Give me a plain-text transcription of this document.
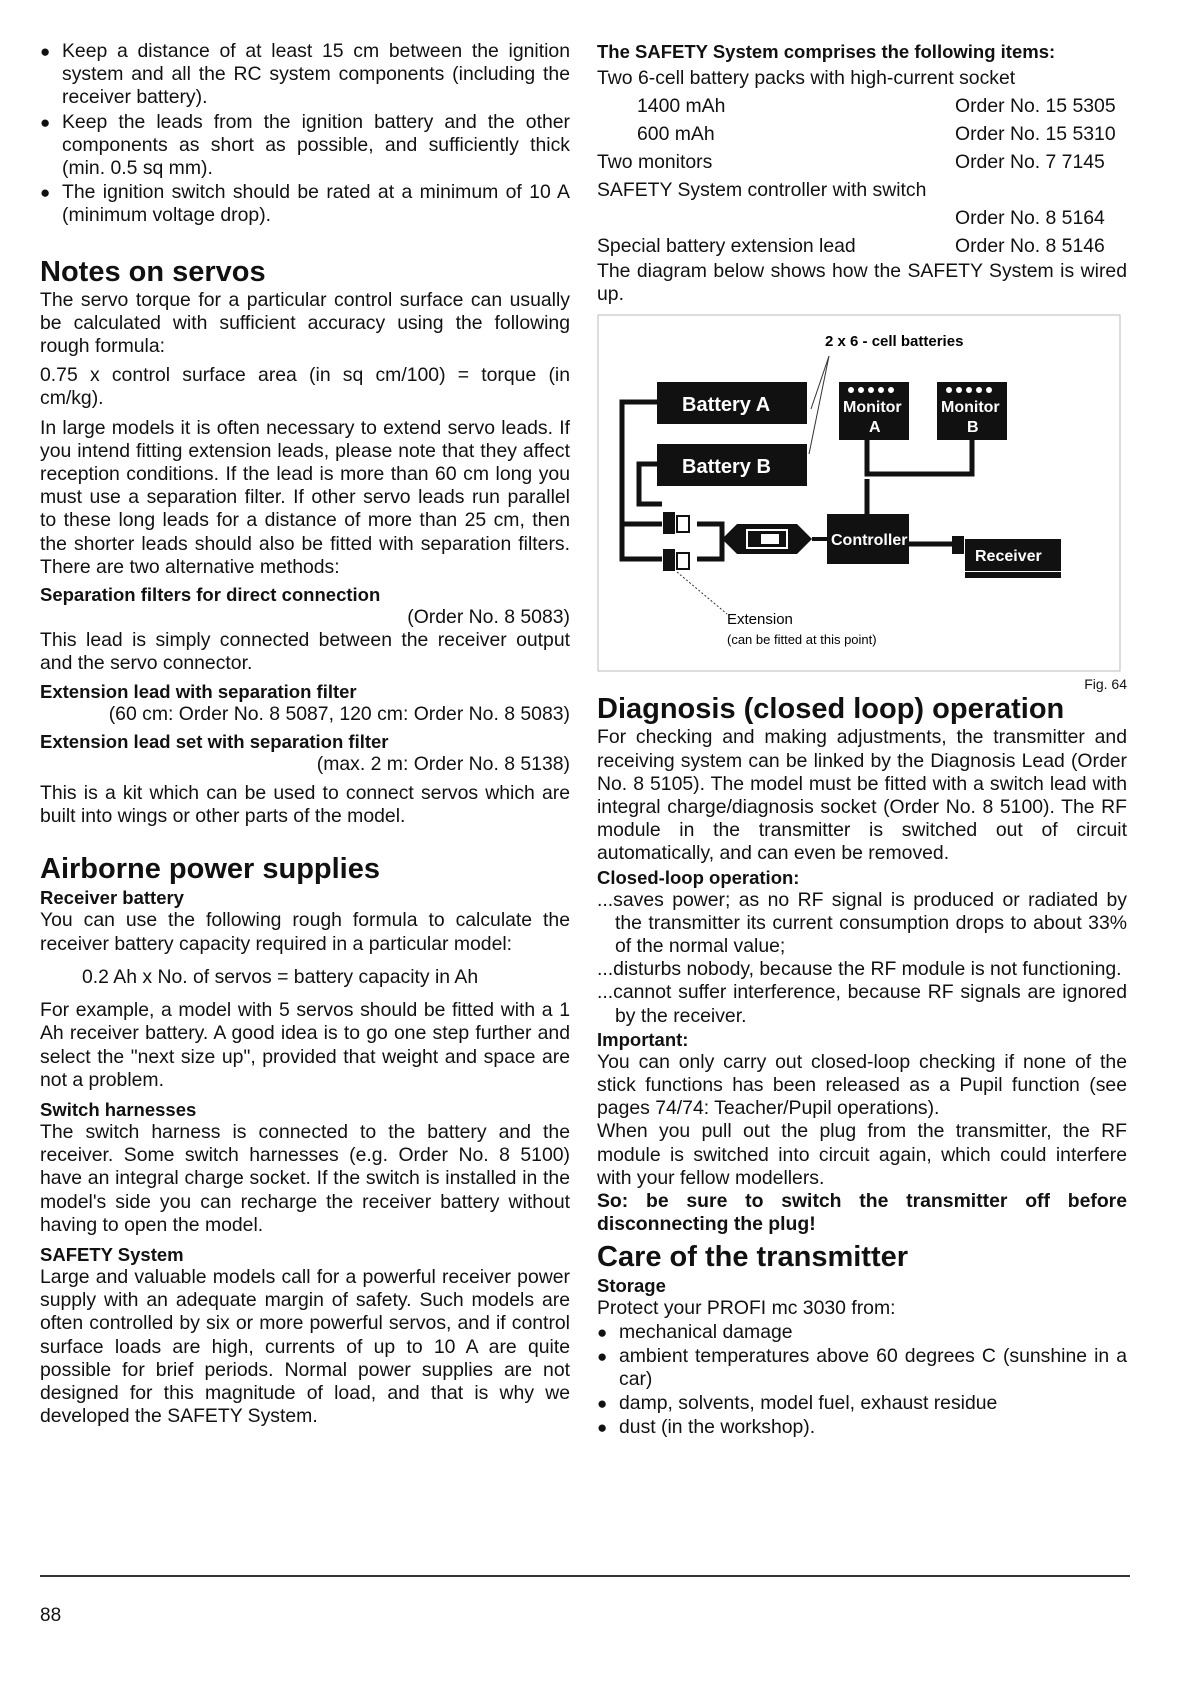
● Keep a distance of at least 15 cm between the ignition system and all the RC system components (including the receiver battery).
● Keep the leads from the ignition battery and the other components as short as possible, and sufficiently thick (min. 0.5 sq mm).
● The ignition switch should be rated at a minimum of 10 A (minimum voltage drop).
Notes on servos

The servo torque for a particular control surface can usually be calculated with sufficient accuracy using the following rough formula:

0.75 x control surface area (in sq cm/100) = torque (in cm/kg).

In large models it is often necessary to extend servo leads. If you intend fitting extension leads, please note that they affect reception conditions. If the lead is more than 60 cm long you must use a separation filter. If other servo leads run parallel to these long leads for a distance of more than 25 cm, then the shorter leads should also be fitted with separation filters. There are two alternative methods:

Separation filters for direct connection
(Order No. 8 5083)

This lead is simply connected between the receiver output and the servo connector.

Extension lead with separation filter
(60 cm: Order No. 8 5087, 120 cm: Order No. 8 5083)
Extension lead set with separation filter
(max. 2 m: Order No. 8 5138)

This is a kit which can be used to connect servos which are built into wings or other parts of the model.

Airborne power supplies
Receiver battery

You can use the following rough formula to calculate the receiver battery capacity required in a particular model:

0.2 Ah x No. of servos = battery capacity in Ah

For example, a model with 5 servos should be fitted with a 1 Ah receiver battery. A good idea is to go one step further and select the "next size up", provided that weight and space are not a problem.

Switch harnesses

The switch harness is connected to the battery and the receiver. Some switch harnesses (e.g. Order No. 8 5100) have an integral charge socket. If the switch is installed in the model's side you can recharge the receiver battery without having to open the model.

SAFETY System

Large and valuable models call for a powerful receiver power supply with an adequate margin of safety. Such models are often controlled by six or more powerful servos, and if control surface loads are high, currents of up to 10 A are quite possible for brief periods. Normal power supplies are not designed for this magnitude of load, and that is why we developed the SAFETY System.

The SAFETY System comprises the following items:
Two 6-cell battery packs with high-current socket
1400 mAh	Order No. 15 5305
600 mAh	Order No. 15 5310
Two monitors	Order No. 7 7145
SAFETY System controller with switch
Order No. 8 5164
Special battery extension lead	Order No. 8 5146

The diagram below shows how the SAFETY System is wired up.

2 x 6 - cell batteries
Battery A
Battery B
Monitor
A
Monitor
B
Controller
Receiver
Extension
(can be fitted at this point)
Fig. 64
Diagnosis (closed loop) operation

For checking and making adjustments, the transmitter and receiving system can be linked by the Diagnosis Lead (Order No. 8 5105). The model must be fitted with a switch lead with integral charge/diagnosis socket (Order No. 8 5100). The RF module in the transmitter is switched out of circuit automatically, and can even be removed.

Closed-loop operation:

...saves power; as no RF signal is produced or radiated by the transmitter its current consumption drops to about 33% of the normal value;

...disturbs nobody, because the RF module is not functioning.

...cannot suffer interference, because RF signals are ignored by the receiver.

Important:

You can only carry out closed-loop checking if none of the stick functions has been released as a Pupil function (see pages 74/74: Teacher/Pupil operations).

When you pull out the plug from the transmitter, the RF module is switched into circuit again, which could interfere with your fellow modellers.

So: be sure to switch the transmitter off before disconnecting the plug!

Care of the transmitter
Storage

Protect your PROFI mc 3030 from:

● mechanical damage
● ambient temperatures above 60 degrees C (sunshine in a car)
● damp, solvents, model fuel, exhaust residue
● dust (in the workshop).
88
